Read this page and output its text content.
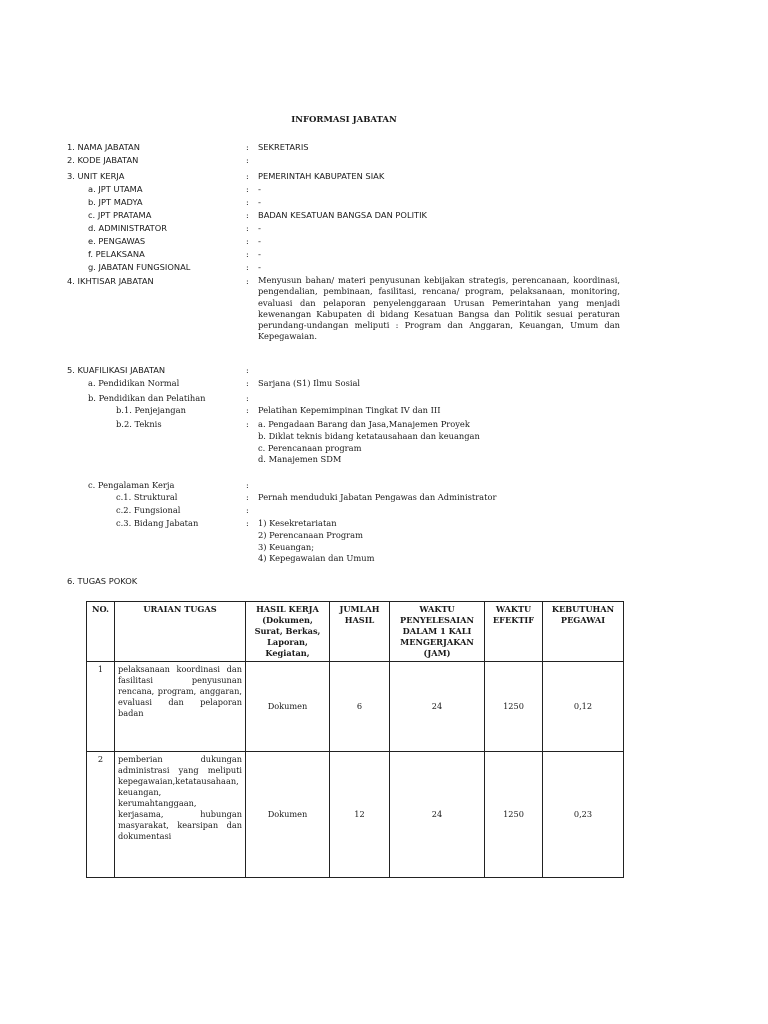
INFORMASI JABATAN
1. NAMA JABATAN	: SEKRETARIS
2. KODE JABATAN	:
3. UNIT KERJA	: PEMERINTAH KABUPATEN SIAK
a. JPT UTAMA	: -
b. JPT MADYA	: -
c. JPT PRATAMA	: BADAN KESATUAN BANGSA DAN POLITIK
d. ADMINISTRATOR	: -
e. PENGAWAS	: -
f. PELAKSANA	: -
g. JABATAN FUNGSIONAL	: -
4. IKHTISAR JABATAN	: Menyusun bahan/ materi penyusunan kebijakan strategis, perencanaan, koordinasi, pengendalian, pembinaan, fasilitasi, rencana/ program, pelaksanaan, monitoring, evaluasi dan pelaporan penyelenggaraan Urusan Pemerintahan yang menjadi kewenangan Kabupaten di bidang Kesatuan Bangsa dan Politik sesuai peraturan perundang-undangan meliputi : Program dan Anggaran, Keuangan, Umum dan Kepegawaian.
5. KUAFILIKASI JABATAN	:
a. Pendidikan Normal	: Sarjana (S1) Ilmu Sosial
b. Pendidikan dan Pelatihan	:
b.1. Penjejangan	: Pelatihan Kepemimpinan Tingkat IV dan III
b.2. Teknis	: a. Pengadaan Barang dan Jasa,Manajemen Proyek
b. Diklat teknis bidang ketatausahaan dan keuangan
c. Perencanaan program
d. Manajemen SDM
c. Pengalaman Kerja	:
c.1. Struktural	: Pernah menduduki Jabatan Pengawas dan Administrator
c.2. Fungsional	:
c.3. Bidang Jabatan	: 1) Kesekretariatan
2) Perencanaan Program
3) Keuangan;
4) Kepegawaian dan Umum
6. TUGAS POKOK
NO.	URAIAN TUGAS	HASIL KERJA (Dokumen, Surat, Berkas, Laporan, Kegiatan,	JUMLAH HASIL	WAKTU PENYELESAIAN DALAM 1 KALI MENGERJAKAN (JAM)	WAKTU EFEKTIF	KEBUTUHAN PEGAWAI
1	pelaksanaan koordinasi dan fasilitasi penyusunan rencana, program, anggaran, evaluasi dan pelaporan badan	Dokumen	6	24	1250	0,12
2	pemberian dukungan administrasi yang meliputi kepegawaian,ketatausahaan, keuangan, kerumahtanggaan, kerjasama, hubungan masyarakat, kearsipan dan dokumentasi	Dokumen	12	24	1250	0,23
